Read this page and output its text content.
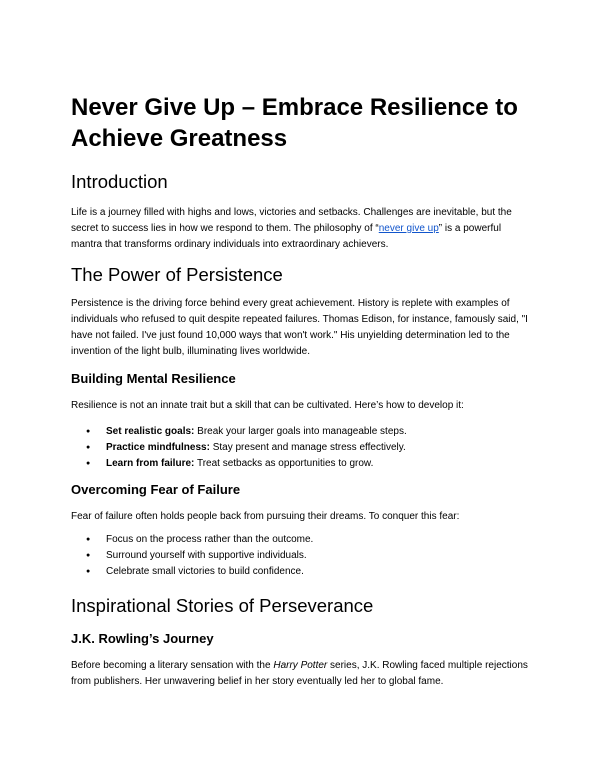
Never Give Up – Embrace Resilience to Achieve Greatness
Introduction

Life is a journey filled with highs and lows, victories and setbacks. Challenges are inevitable, but the secret to success lies in how we respond to them. The philosophy of “never give up” is a powerful mantra that transforms ordinary individuals into extraordinary achievers.

The Power of Persistence

Persistence is the driving force behind every great achievement. History is replete with examples of individuals who refused to quit despite repeated failures. Thomas Edison, for instance, famously said, "I have not failed. I've just found 10,000 ways that won't work." His unyielding determination led to the invention of the light bulb, illuminating lives worldwide.

Building Mental Resilience

Resilience is not an innate trait but a skill that can be cultivated. Here’s how to develop it:

● Set realistic goals: Break your larger goals into manageable steps.
● Practice mindfulness: Stay present and manage stress effectively.
● Learn from failure: Treat setbacks as opportunities to grow.
Overcoming Fear of Failure

Fear of failure often holds people back from pursuing their dreams. To conquer this fear:

● Focus on the process rather than the outcome.
● Surround yourself with supportive individuals.
● Celebrate small victories to build confidence.
Inspirational Stories of Perseverance
J.K. Rowling’s Journey

Before becoming a literary sensation with the Harry Potter series, J.K. Rowling faced multiple rejections from publishers. Her unwavering belief in her story eventually led her to global fame.
